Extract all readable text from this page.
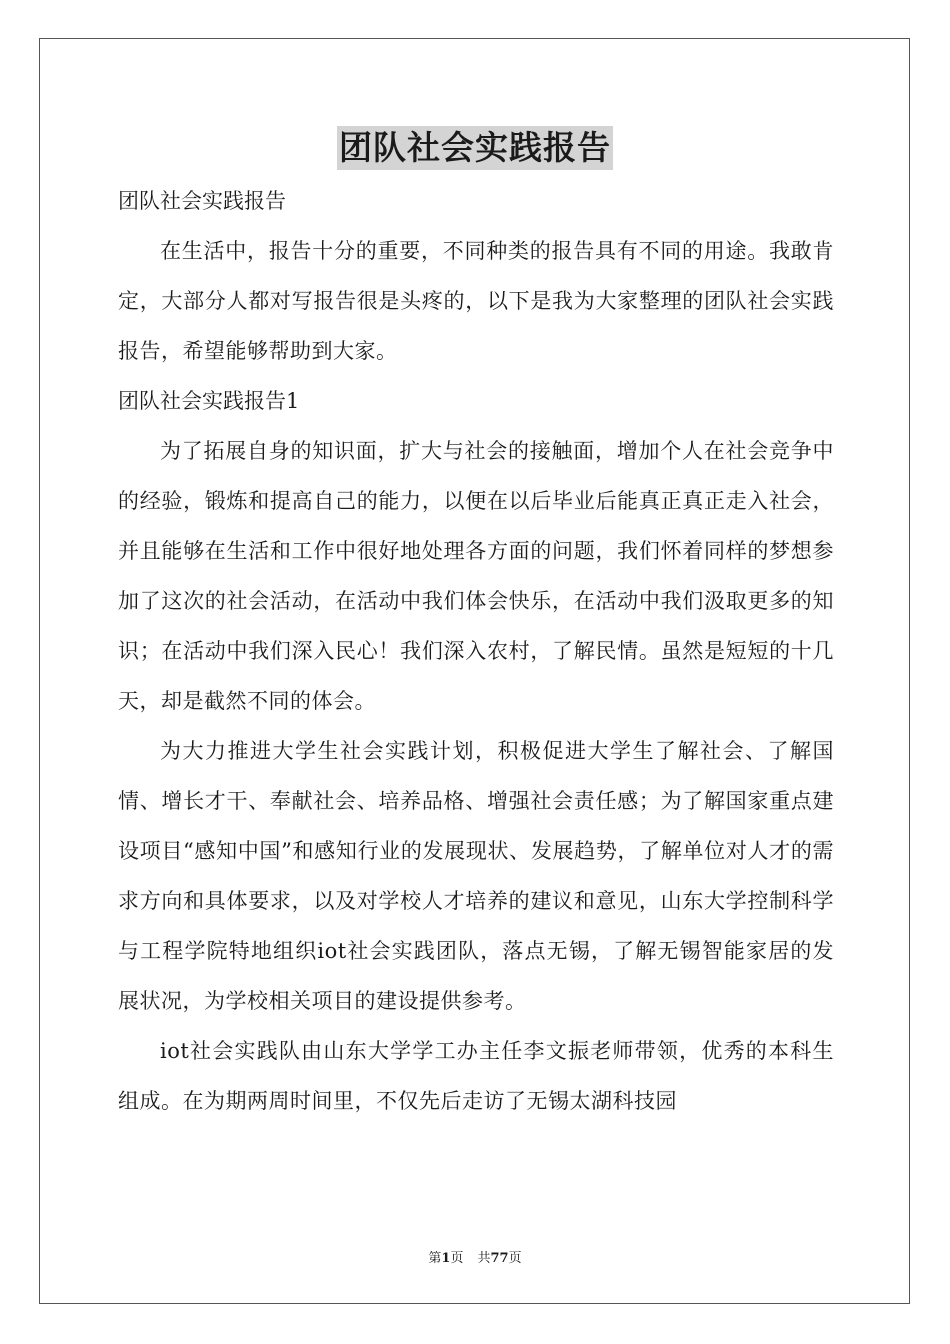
团队社会实践报告
团队社会实践报告

在生活中，报告十分的重要，不同种类的报告具有不同的用途。我敢肯定，大部分人都对写报告很是头疼的，以下是我为大家整理的团队社会实践报告，希望能够帮助到大家。

团队社会实践报告1

为了拓展自身的知识面，扩大与社会的接触面，增加个人在社会竞争中的经验，锻炼和提高自己的能力，以便在以后毕业后能真正真正走入社会，并且能够在生活和工作中很好地处理各方面的问题，我们怀着同样的梦想参加了这次的社会活动，在活动中我们体会快乐，在活动中我们汲取更多的知识；在活动中我们深入民心！我们深入农村，了解民情。虽然是短短的十几天，却是截然不同的体会。

为大力推进大学生社会实践计划，积极促进大学生了解社会、了解国情、增长才干、奉献社会、培养品格、增强社会责任感；为了解国家重点建设项目“感知中国”和感知行业的发展现状、发展趋势，了解单位对人才的需求方向和具体要求，以及对学校人才培养的建议和意见，山东大学控制科学与工程学院特地组织iot社会实践团队，落点无锡，了解无锡智能家居的发展状况，为学校相关项目的建设提供参考。

iot社会实践队由山东大学学工办主任李文振老师带领，优秀的本科生组成。在为期两周时间里，不仅先后走访了无锡太湖科技园

第1页 共77页
